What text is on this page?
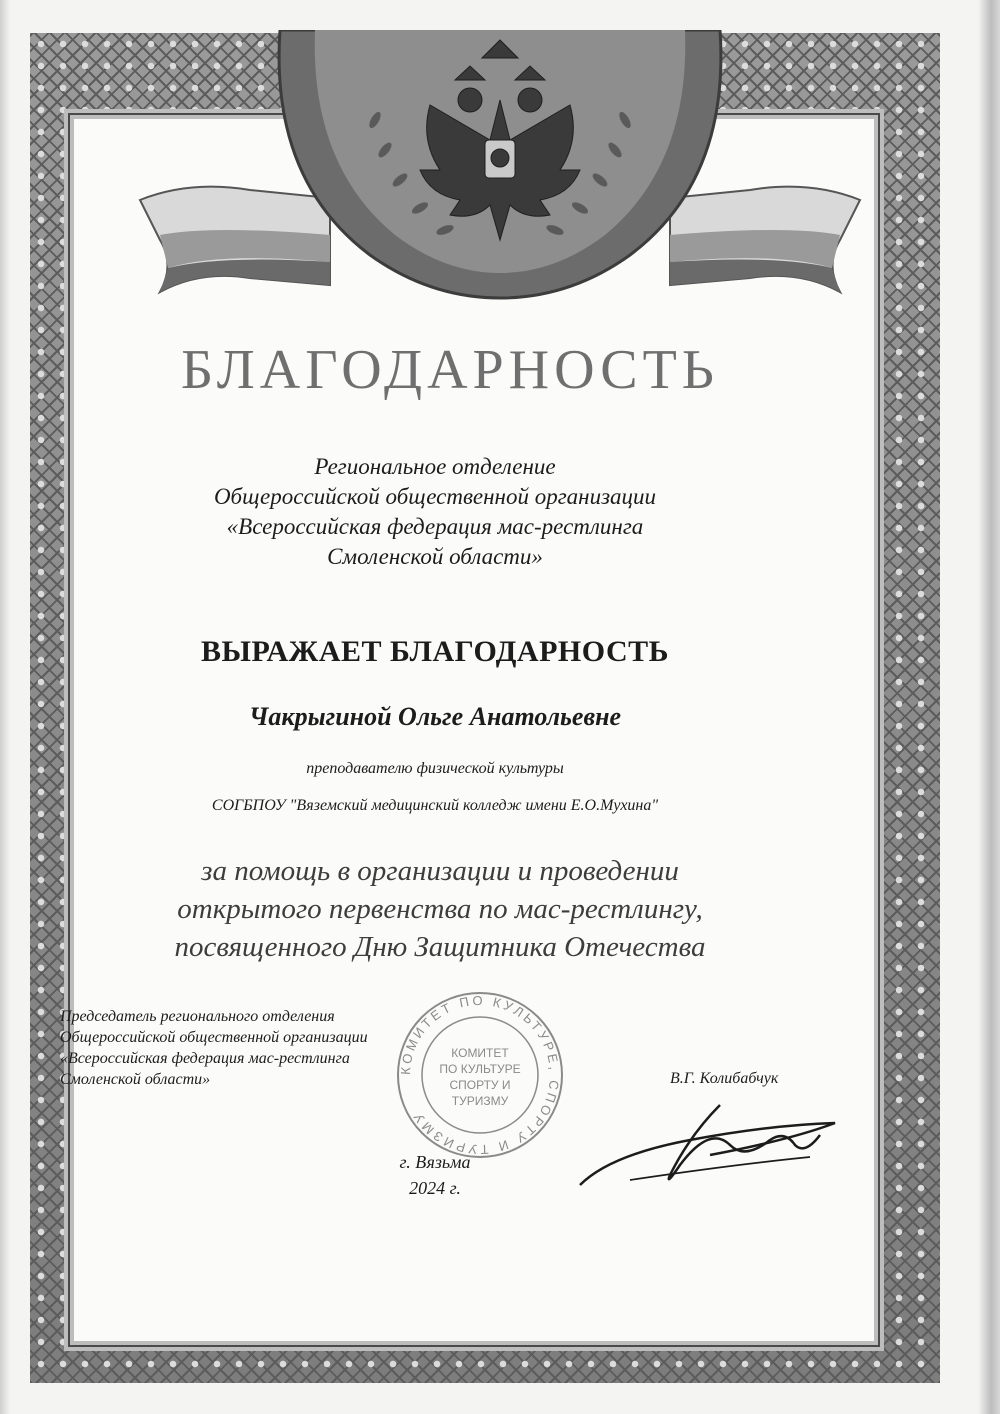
БЛАГОДАРНОСТЬ
Региональное отделение
Общероссийской общественной организации
«Всероссийская федерация мас-рестлинга
Смоленской области»
ВЫРАЖАЕТ БЛАГОДАРНОСТЬ
Чакрыгиной Ольге Анатольевне
преподавателю физической культуры
СОГБПОУ "Вяземский медицинский колледж имени Е.О.Мухина"
за помощь в организации и проведении
открытого первенства по мас-рестлингу,
посвященного Дню Защитника Отечества
Председатель регионального отделения
Общероссийской общественной организации
«Всероссийская федерация мас-рестлинга
Смоленской области»
КОМИТЕТ ПО КУЛЬТУРЕ, СПОРТУ И ТУРИЗМУ
КОМИТЕТ
ПО КУЛЬТУРЕ
СПОРТУ И
ТУРИЗМУ
В.Г. Колибабчук
г. Вязьма
2024 г.
